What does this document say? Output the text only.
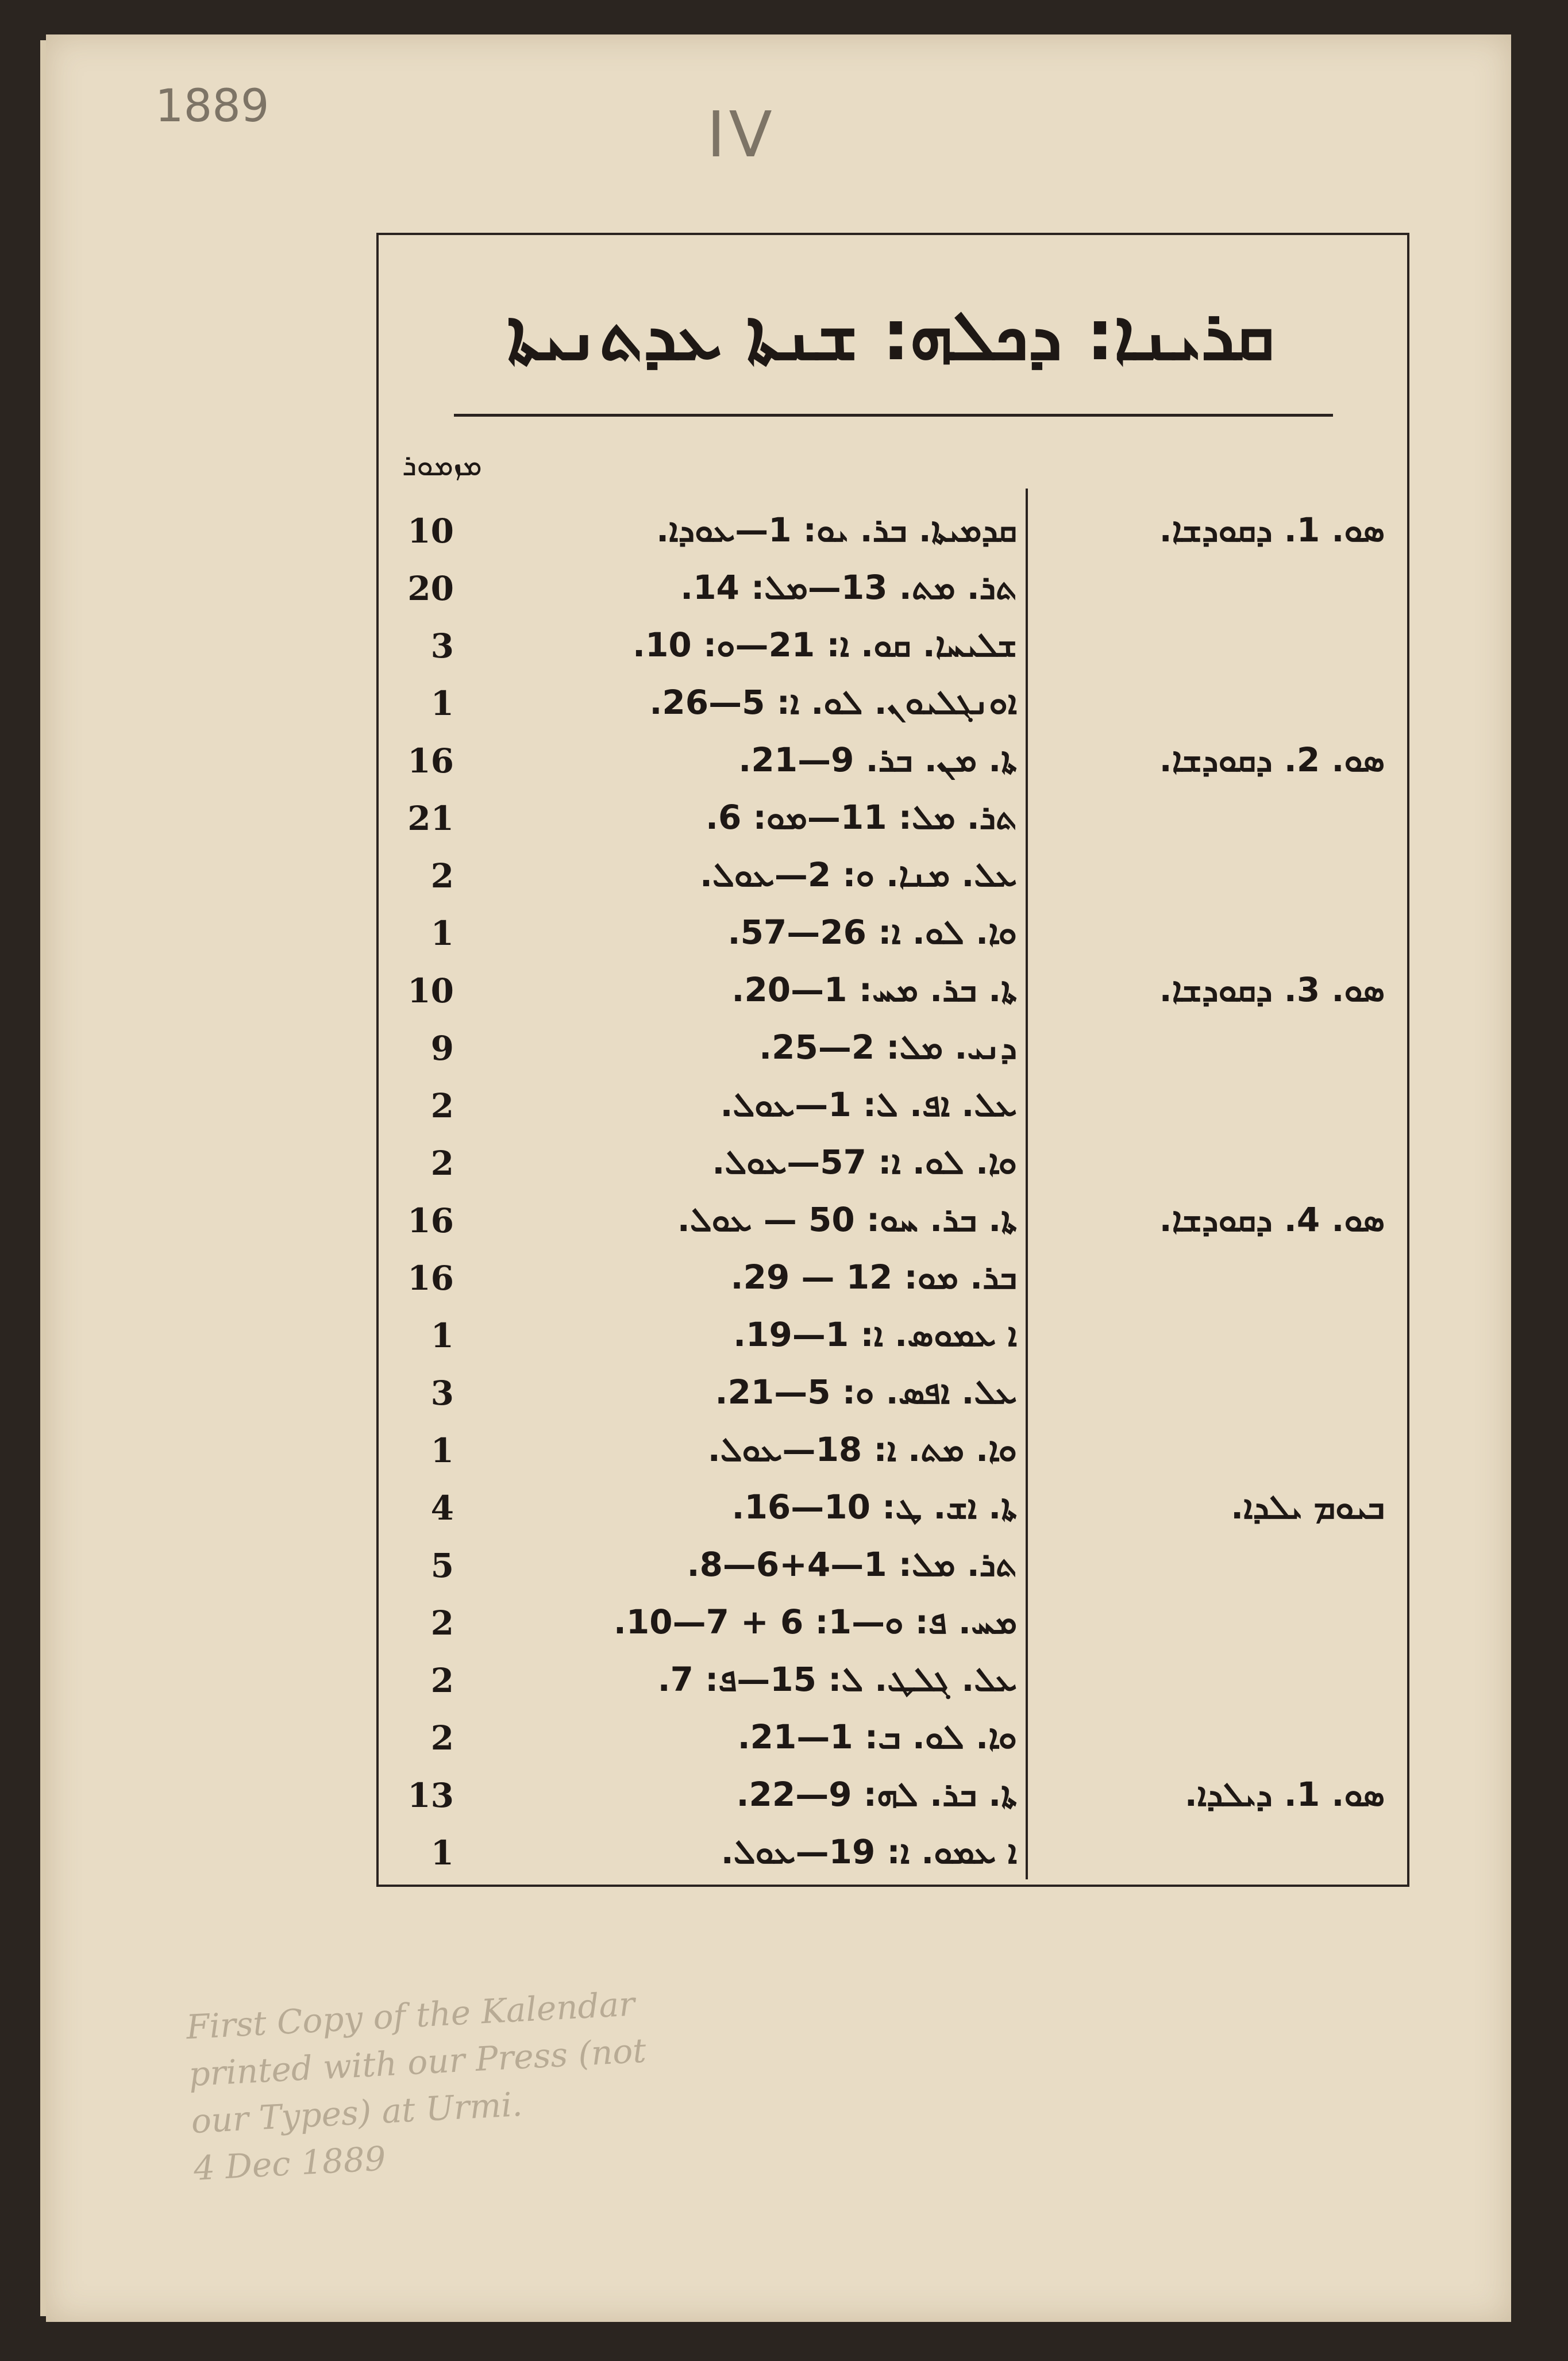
1889	IV
ܩܪܝܢܐ: ܕܟܠܗ: ܫܢܬܐ ܥܕܬܢܝܬܐ
ܡܙܡܘܪ
10	ܩܕܡܝܬܐ. ܒܪ. ܝܘ: 1—ܥܘܕܐ.	ܣܘ. 1. ܕܩܘܕܫܐ.
20	ܬܪ. ܡܬ. 13—ܡܠ: 14.
3	ܫܠܝܚܐ. ܩܘ. ܐ: 21—ܘ: 10.
1	ܐܘܢܓܠܝܘܢ. ܠܘ. ܐ: 5—26.
16	ܬܐ. ܡܢ. ܒܪ. 9—21.	ܣܘ. 2. ܕܩܘܕܫܐ.
21	ܬܪ. ܡܠ: 11—ܡܘ: 6.
2	ܥܠ. ܡܢܐ. ܘ: 2—ܥܘܠ.
1	ܘܐ. ܠܘ. ܐ: 26—57.
10	ܬܐ. ܒܪ. ܡܚ: 1—20.	ܣܘ. 3. ܕܩܘܕܫܐ.
9	ܕܢܝ. ܡܠ: 2—25.
2	ܥܠ. ܐܦ. ܠ: 1—ܥܘܠ.
2	ܘܐ. ܠܘ. ܐ: 57—ܥܘܠ.
16	ܬܐ. ܒܪ. ܚܘ: 50 — ܥܘܠ.	ܣܘ. 4. ܕܩܘܕܫܐ.
16	ܒܪ. ܡܘ: 12 — 29.
1	ܐ ܥܡܘܣ. ܐ: 1—19.
3	ܥܠ. ܐܦܣ. ܘ: 5—21.
1	ܘܐ. ܡܬ. ܐ: 18—ܥܘܠ.
4	ܬܐ. ܐܫ. ܛ: 10—16.	ܒܝܘܡ ܝܠܕܐ.
5	ܬܪ. ܡܠ: 1—4+6—8.
2	ܡܚ. ܦ: ܘ—1: 6 + 7—10.
2	ܥܠ. ܓܠܛ. ܠ: 15—ܦ: 7.
2	ܘܐ. ܠܘ. ܒ: 1—21.
13	ܬܐ. ܒܪ. ܠܗ: 9—22.	ܣܘ. 1. ܕܝܠܕܐ.
1	ܐ ܥܡܘ. ܐ: 19—ܥܘܠ.
First Copy of the Kalendar
printed with our Press (not
our Types) at Urmi.
4 Dec 1889
